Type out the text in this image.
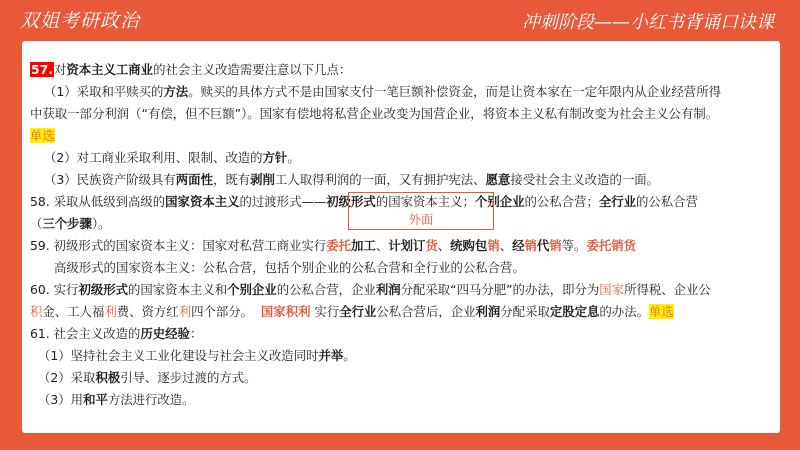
双姐考研政治	冲刺阶段——小红书背诵口诀课
57.对资本主义工商业的社会主义改造需要注意以下几点：
（1）采取和平赎买的方法。赎买的具体方式不是由国家支付一笔巨额补偿资金，而是让资本家在一定年限内从企业经营所得
中获取一部分利润（“有偿，但不巨额”）。国家有偿地将私营企业改变为国营企业，将资本主义私有制改变为社会主义公有制。
单选
（2）对工商业采取利用、限制、改造的方针。
（3）民族资产阶级具有两面性，既有剥削工人取得利润的一面，又有拥护宪法、愿意接受社会主义改造的一面。
58. 采取从低级到高级的国家资本主义的过渡形式——初级形式的国家资本主义；个别企业的公私合营；全行业的公私合营
（三个步骤）。
59. 初级形式的国家资本主义：国家对私营工商业实行委托加工、计划订货、统购包销、经销代销等。委托销货
高级形式的国家资本主义：公私合营，包括个别企业的公私合营和全行业的公私合营。
60. 实行初级形式的国家资本主义和个别企业的公私合营，企业利润分配采取“四马分肥”的办法，即分为国家所得税、企业公
积金、工人福利费、资方红利四个部分。 国家积利 实行全行业公私合营后，企业利润分配采取定股定息的办法。单选
61. 社会主义改造的历史经验：
（1）坚持社会主义工业化建设与社会主义改造同时并举。
（2）采取积极引导、逐步过渡的方式。
（3）用和平方法进行改造。
外面
